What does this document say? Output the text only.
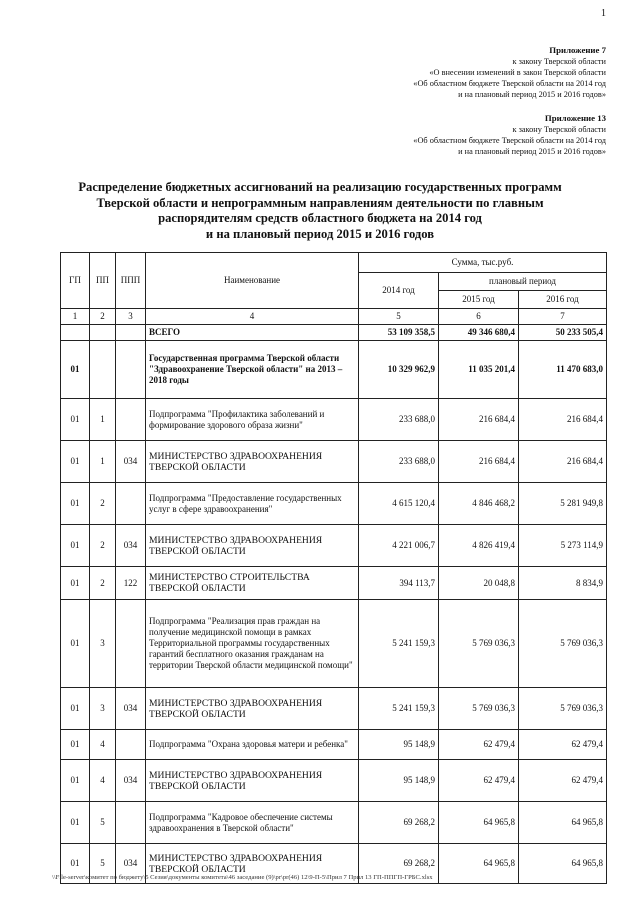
1
Приложение 7
к закону Тверской области
«О внесении изменений в закон Тверской области
«Об областном бюджете Тверской области на 2014 год
и на плановый период 2015 и 2016 годов»
Приложение 13
к закону Тверской области
«Об областном бюджете Тверской области на 2014 год
и на плановый период 2015 и 2016 годов»
Распределение бюджетных ассигнований на реализацию государственных программ
Тверской области и непрограммным направлениям деятельности по главным
распорядителям средств областного бюджета на 2014 год
и на плановый период 2015 и 2016 годов
ГП	ПП	ППП	Наименование	Сумма, тыс.руб.		
				2014 год	плановый период	
					2015 год	2016 год
1	2	3	4	5	6	7
			ВСЕГО	53 109 358,5	49 346 680,4	50 233 505,4
01			Государственная программа Тверской области "Здравоохранение Тверской области" на 2013 – 2018 годы	10 329 962,9	11 035 201,4	11 470 683,0
01	1		Подпрограмма "Профилактика заболеваний и формирование здорового образа жизни"	233 688,0	216 684,4	216 684,4
01	1	034	МИНИСТЕРСТВО ЗДРАВООХРАНЕНИЯ ТВЕРСКОЙ ОБЛАСТИ	233 688,0	216 684,4	216 684,4
01	2		Подпрограмма "Предоставление государственных услуг в сфере здравоохранения"	4 615 120,4	4 846 468,2	5 281 949,8
01	2	034	МИНИСТЕРСТВО ЗДРАВООХРАНЕНИЯ ТВЕРСКОЙ ОБЛАСТИ	4 221 006,7	4 826 419,4	5 273 114,9
01	2	122	МИНИСТЕРСТВО СТРОИТЕЛЬСТВА ТВЕРСКОЙ ОБЛАСТИ	394 113,7	20 048,8	8 834,9
01	3		Подпрограмма "Реализация прав граждан на получение медицинской помощи в рамках Территориальной программы государственных гарантий бесплатного оказания гражданам на территории Тверской области медицинской помощи"	5 241 159,3	5 769 036,3	5 769 036,3
01	3	034	МИНИСТЕРСТВО ЗДРАВООХРАНЕНИЯ ТВЕРСКОЙ ОБЛАСТИ	5 241 159,3	5 769 036,3	5 769 036,3
01	4		Подпрограмма "Охрана здоровья матери и ребенка"	95 148,9	62 479,4	62 479,4
01	4	034	МИНИСТЕРСТВО ЗДРАВООХРАНЕНИЯ ТВЕРСКОЙ ОБЛАСТИ	95 148,9	62 479,4	62 479,4
01	5		Подпрограмма "Кадровое обеспечение системы здравоохранения в Тверской области"	69 268,2	64 965,8	64 965,8
01	5	034	МИНИСТЕРСТВО ЗДРАВООХРАНЕНИЯ ТВЕРСКОЙ ОБЛАСТИ	69 268,2	64 965,8	64 965,8
\\File-server\комитет по бюджету\5 Сезия\документы комитета\46 заседание (9)\pr\pr(46) 12\9-П-5\Прил 7 Прил 13 ГП-ППГП-ГРБС.xlsx
